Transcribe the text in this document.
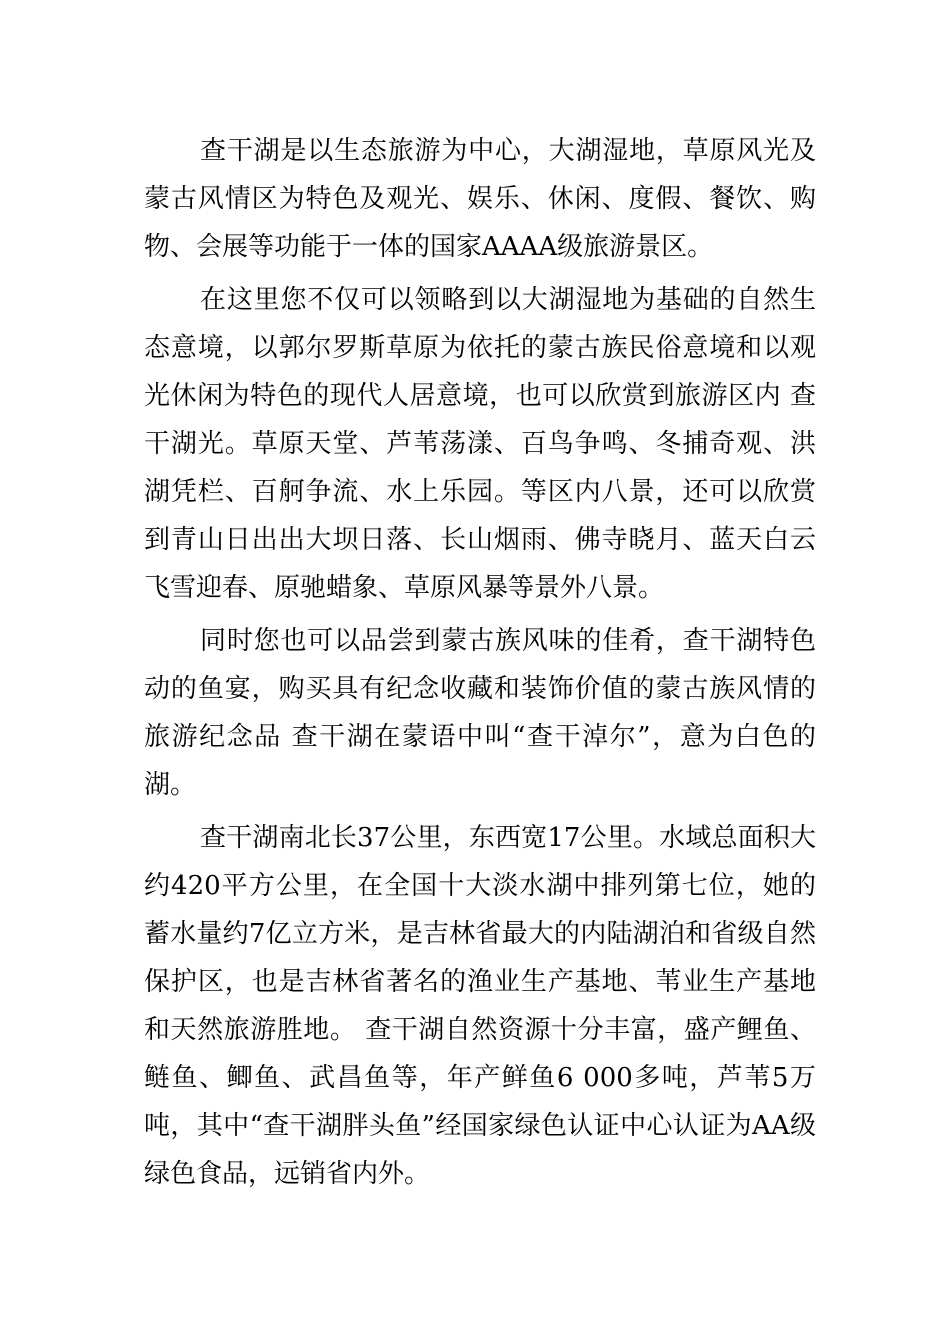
查干湖是以生态旅游为中心，大湖湿地，草原风光及蒙古风情区为特色及观光、娱乐、休闲、度假、餐饮、购物、会展等功能于一体的国家AAAA级旅游景区。

在这里您不仅可以领略到以大湖湿地为基础的自然生态意境，以郭尔罗斯草原为依托的蒙古族民俗意境和以观光休闲为特色的现代人居意境，也可以欣赏到旅游区内 查干湖光。草原天堂、芦苇荡漾、百鸟争鸣、冬捕奇观、洪湖凭栏、百舸争流、水上乐园。等区内八景，还可以欣赏到青山日出出大坝日落、长山烟雨、佛寺晓月、蓝天白云飞雪迎春、原驰蜡象、草原风暴等景外八景。

同时您也可以品尝到蒙古族风味的佳肴，查干湖特色动的鱼宴，购买具有纪念收藏和装饰价值的蒙古族风情的旅游纪念品 查干湖在蒙语中叫“查干淖尔”，意为白色的湖。

查干湖南北长37公里，东西宽17公里。水域总面积大约420平方公里，在全国十大淡水湖中排列第七位，她的蓄水量约7亿立方米，是吉林省最大的内陆湖泊和省级自然保护区，也是吉林省著名的渔业生产基地、苇业生产基地和天然旅游胜地。 查干湖自然资源十分丰富，盛产鲤鱼、鲢鱼、鲫鱼、武昌鱼等，年产鲜鱼6 000多吨，芦苇5万吨，其中“查干湖胖头鱼”经国家绿色认证中心认证为AA级绿色食品，远销省内外。
